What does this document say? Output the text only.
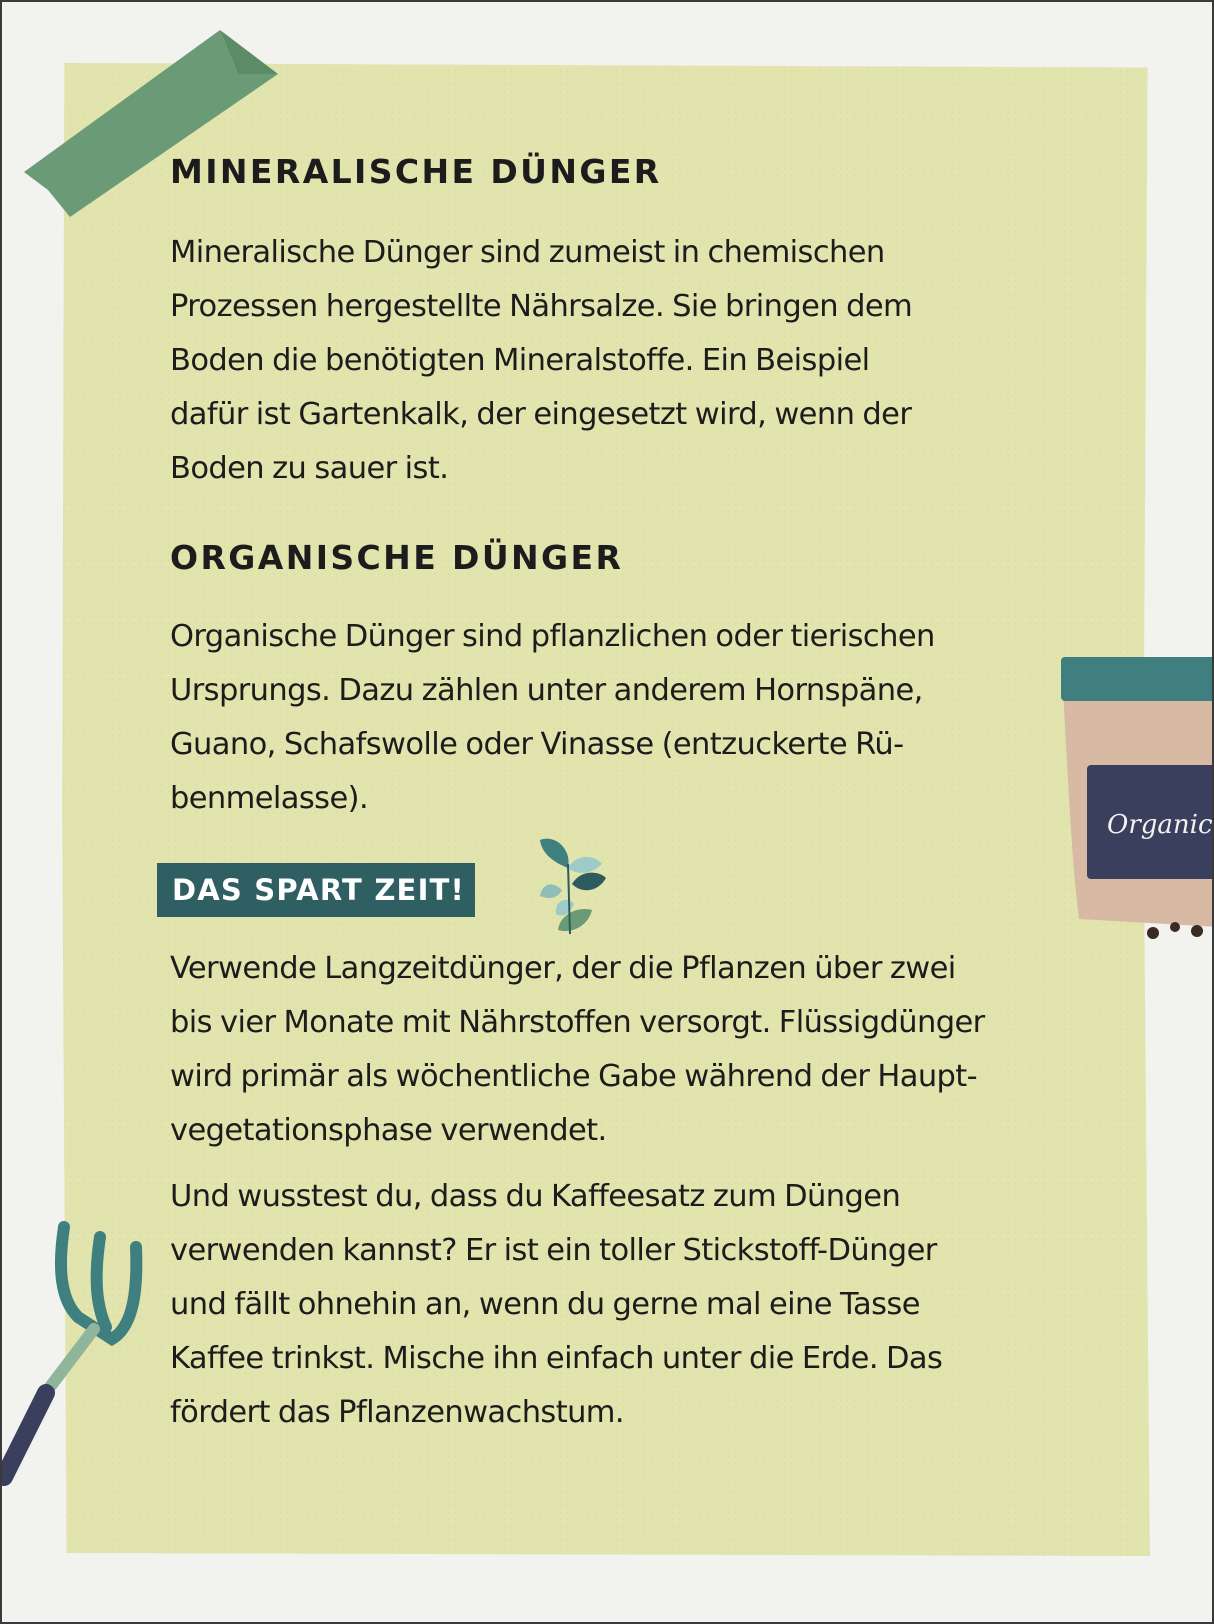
MINERALISCHE DÜNGER

Mineralische Dünger sind zumeist in chemischen
Prozessen hergestellte Nährsalze. Sie bringen dem
Boden die benötigten Mineralstoffe. Ein Beispiel
dafür ist Gartenkalk, der eingesetzt wird, wenn der
Boden zu sauer ist.

ORGANISCHE DÜNGER

Organische Dünger sind pflanzlichen oder tierischen
Ursprungs. Dazu zählen unter anderem Hornspäne,
Guano, Schafswolle oder Vinasse (entzuckerte Rü-
benmelasse).

DAS SPART ZEIT!

Verwende Langzeitdünger, der die Pflanzen über zwei
bis vier Monate mit Nährstoffen versorgt. Flüssigdünger
wird primär als wöchentliche Gabe während der Haupt-
vegetationsphase verwendet.

Und wusstest du, dass du Kaffeesatz zum Düngen
verwenden kannst? Er ist ein toller Stickstoff-Dünger
und fällt ohnehin an, wenn du gerne mal eine Tasse
Kaffee trinkst. Mische ihn einfach unter die Erde. Das
fördert das Pflanzenwachstum.

Organic
